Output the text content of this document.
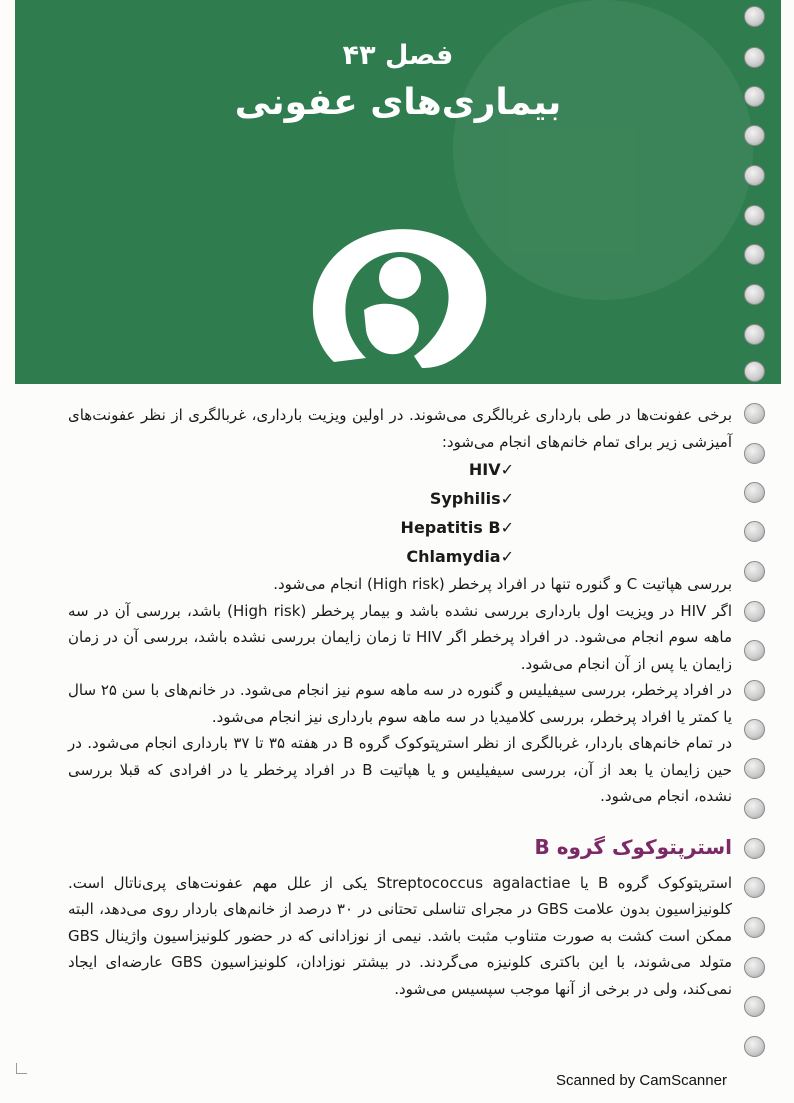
فصل ۴۳
بیماری‌های عفونی

برخی عفونت‌ها در طی بارداری غربالگری می‌شوند. در اولین ویزیت بارداری، غربالگری از نظر عفونت‌های آمیزشی زیر برای تمام خانم‌های انجام می‌شود:

✓HIV
✓Syphilis
✓Hepatitis B
✓Chlamydia

بررسی هپاتیت C و گنوره تنها در افراد پرخطر (High risk) انجام می‌شود.

اگر HIV در ویزیت اول بارداری بررسی نشده باشد و بیمار پرخطر (High risk) باشد، بررسی آن در سه ماهه سوم انجام می‌شود. در افراد پرخطر اگر HIV تا زمان زایمان بررسی نشده باشد، بررسی آن در زمان زایمان یا پس از آن انجام می‌شود.

در افراد پرخطر، بررسی سیفیلیس و گنوره در سه ماهه سوم نیز انجام می‌شود. در خانم‌های با سن ۲۵ سال یا کمتر یا افراد پرخطر، بررسی کلامیدیا در سه ماهه سوم بارداری نیز انجام می‌شود.

در تمام خانم‌های باردار، غربالگری از نظر استرپتوکوک گروه B در هفته ۳۵ تا ۳۷ بارداری انجام می‌شود. در حین زایمان یا بعد از آن، بررسی سیفیلیس و یا هپاتیت B در افراد پرخطر یا در افرادی که قبلا بررسی نشده، انجام می‌شود.

استرپتوکوک گروه B

استرپتوکوک گروه B یا Streptococcus agalactiae یکی از علل مهم عفونت‌های پری‌ناتال است. کلونیزاسیون بدون علامت GBS در مجرای تناسلی تحتانی در ۳۰ درصد از خانم‌های باردار روی می‌دهد، البته ممکن است کشت به صورت متناوب مثبت باشد. نیمی از نوزادانی که در حضور کلونیزاسیون واژینال GBS متولد می‌شوند، با این باکتری کلونیزه می‌گردند. در بیشتر نوزادان، کلونیزاسیون GBS عارضه‌ای ایجاد نمی‌کند، ولی در برخی از آنها موجب سپسیس می‌شود.

Scanned by CamScanner
